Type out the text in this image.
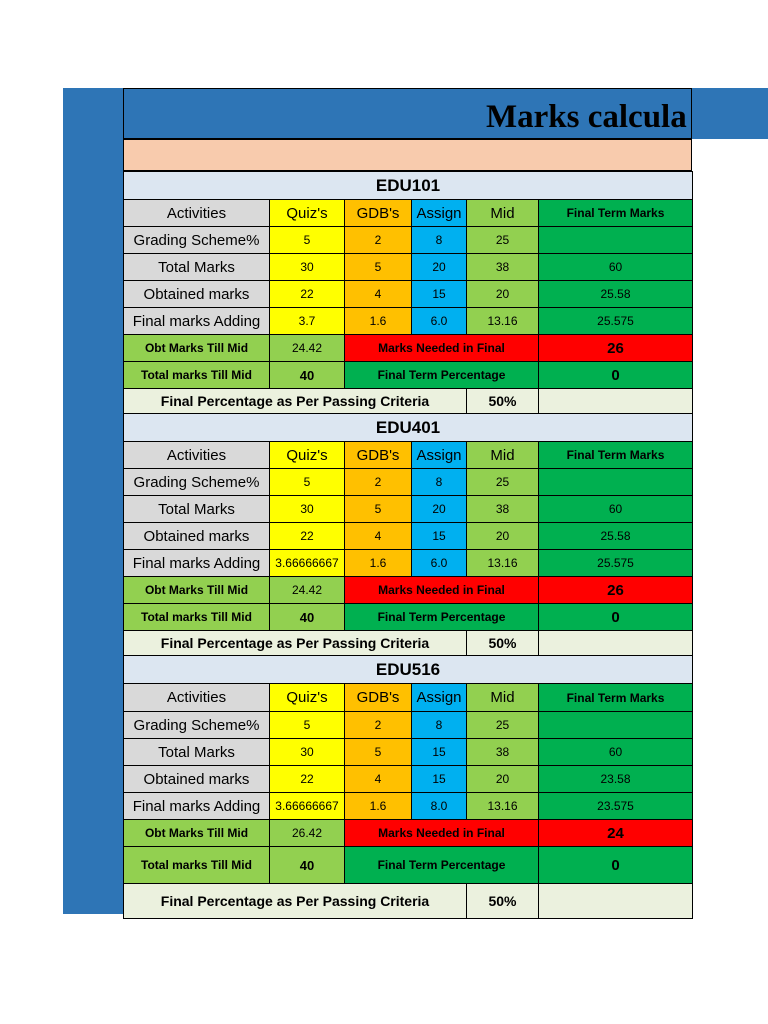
Marks calcula
EDU101					
Activities	Quiz's	GDB's	Assign	Mid	Final Term Marks
Grading Scheme%	5	2	8	25	
Total Marks	30	5	20	38	60
Obtained marks	22	4	15	20	25.58
Final marks Adding	3.7	1.6	6.0	13.16	25.575
Obt Marks Till Mid	24.42	Marks Needed in Final			26
Total marks Till Mid	40	Final Term Percentage			0
Final Percentage as Per Passing Criteria				50%	
EDU401					
Activities	Quiz's	GDB's	Assign	Mid	Final Term Marks
Grading Scheme%	5	2	8	25	
Total Marks	30	5	20	38	60
Obtained marks	22	4	15	20	25.58
Final marks Adding	3.66666667	1.6	6.0	13.16	25.575
Obt Marks Till Mid	24.42	Marks Needed in Final			26
Total marks Till Mid	40	Final Term Percentage			0
Final Percentage as Per Passing Criteria				50%	
EDU516					
Activities	Quiz's	GDB's	Assign	Mid	Final Term Marks
Grading Scheme%	5	2	8	25	
Total Marks	30	5	15	38	60
Obtained marks	22	4	15	20	23.58
Final marks Adding	3.66666667	1.6	8.0	13.16	23.575
Obt Marks Till Mid	26.42	Marks Needed in Final			24
Total marks Till Mid	40	Final Term Percentage			0
Final Percentage as Per Passing Criteria				50%	
